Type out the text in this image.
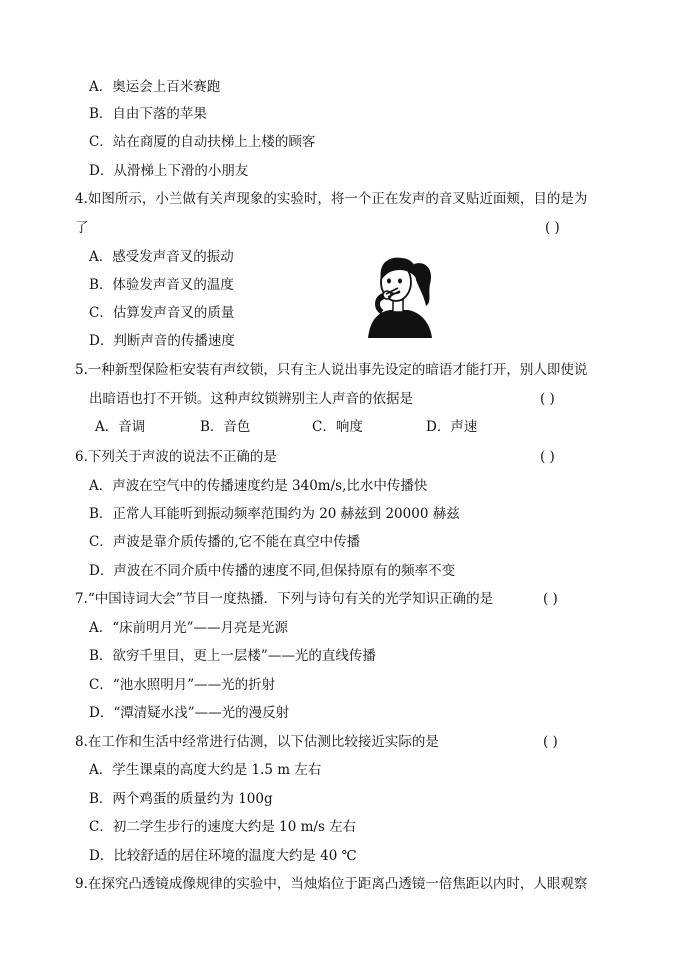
A．奥运会上百米赛跑
B．自由下落的苹果
C．站在商厦的自动扶梯上上楼的顾客
D．从滑梯上下滑的小朋友
4.如图所示，小兰做有关声现象的实验时，将一个正在发声的音叉贴近面颊，目的是为
了	( )
A．感受发声音叉的振动
B．体验发声音叉的温度
C．估算发声音叉的质量
D．判断声音的传播速度
5.一种新型保险柜安装有声纹锁，只有主人说出事先设定的暗语才能打开，别人即使说
出暗语也打不开锁。这种声纹锁辨别主人声音的依据是	( )
A．音调	B．音色	C．响度	D．声速
6.下列关于声波的说法不正确的是	( )
A．声波在空气中的传播速度约是 340m/s,比水中传播快
B．正常人耳能听到振动频率范围约为 20 赫兹到 20000 赫兹
C．声波是靠介质传播的,它不能在真空中传播
D．声波在不同介质中传播的速度不同,但保持原有的频率不变
7.“中国诗词大会”节目一度热播．下列与诗句有关的光学知识正确的是	( )
A．“床前明月光”——月亮是光源
B．欲穷千里目，更上一层楼”——光的直线传播
C．“池水照明月”——光的折射
D．“潭清疑水浅”——光的漫反射
8.在工作和生活中经常进行估测，以下估测比较接近实际的是	( )
A．学生课桌的高度大约是 1.5 m 左右
B．两个鸡蛋的质量约为 100g
C．初二学生步行的速度大约是 10 m/s 左右
D．比较舒适的居住环境的温度大约是 40 ℃
9.在探究凸透镜成像规律的实验中，当烛焰位于距离凸透镜一倍焦距以内时，人眼观察
